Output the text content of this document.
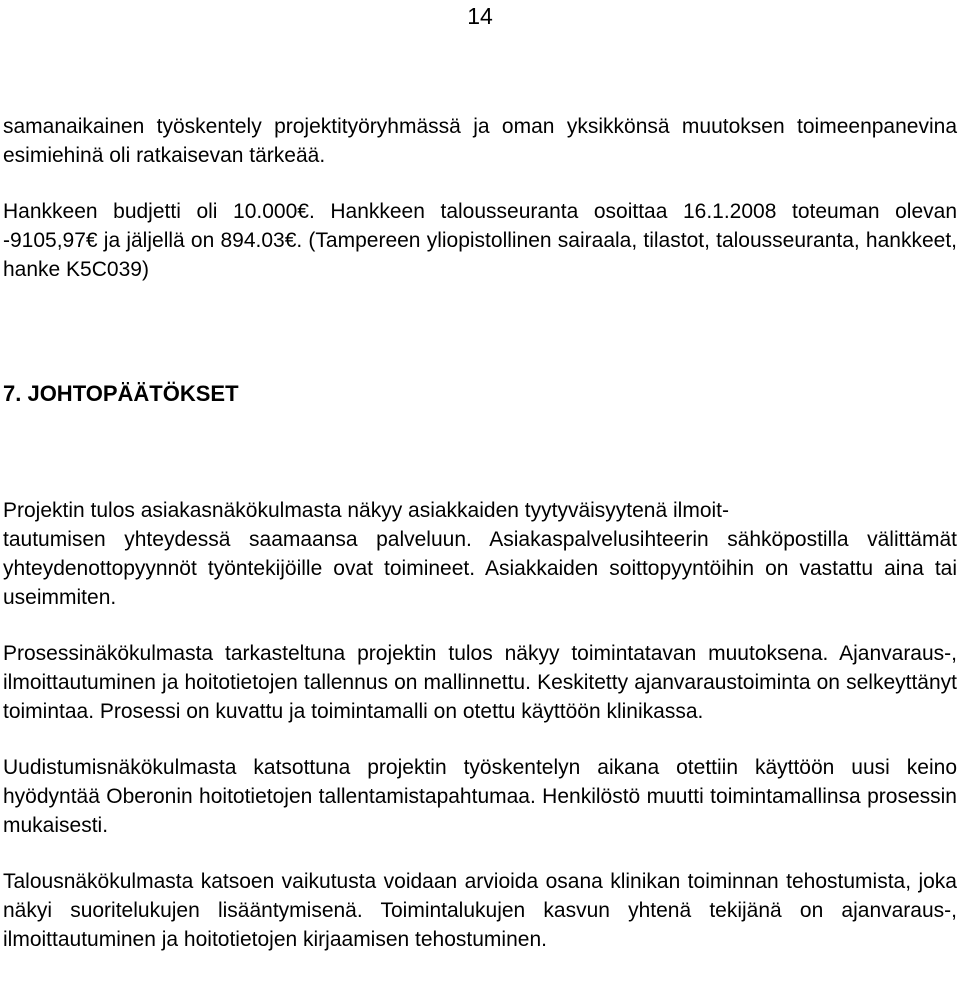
14

samanaikainen työskentely projektityöryhmässä ja oman yksikkönsä muutoksen toimeenpanevina esimiehinä oli ratkaisevan tärkeää.

Hankkeen budjetti oli 10.000€. Hankkeen talousseuranta osoittaa 16.1.2008 toteuman olevan -9105,97€ ja jäljellä on 894.03€. (Tampereen yliopistollinen sairaala, tilastot, talousseuranta, hankkeet, hanke K5C039)

7. JOHTOPÄÄTÖKSET

Projektin tulos asiakasnäkökulmasta näkyy asiakkaiden tyytyväisyytenä ilmoit-
tautumisen yhteydessä saamaansa palveluun. Asiakaspalvelusihteerin sähköpostilla välittämät yhteydenottopyynnöt työntekijöille ovat toimineet. Asiakkaiden soittopyyntöihin on vastattu aina tai useimmiten.

Prosessinäkökulmasta tarkasteltuna projektin tulos näkyy toimintatavan muutoksena. Ajanvaraus-, ilmoittautuminen ja hoitotietojen tallennus on mallinnettu. Keskitetty ajanvaraustoiminta on selkeyttänyt toimintaa. Prosessi on kuvattu ja toimintamalli on otettu käyttöön klinikassa.

Uudistumisnäkökulmasta katsottuna projektin työskentelyn aikana otettiin käyttöön uusi keino hyödyntää Oberonin hoitotietojen tallentamistapahtumaa. Henkilöstö muutti toimintamallinsa prosessin mukaisesti.

Talousnäkökulmasta katsoen vaikutusta voidaan arvioida osana klinikan toiminnan tehostumista, joka näkyi suoritelukujen lisääntymisenä. Toimintalukujen kasvun yhtenä tekijänä on ajanvaraus-, ilmoittautuminen ja hoitotietojen kirjaamisen tehostuminen.
